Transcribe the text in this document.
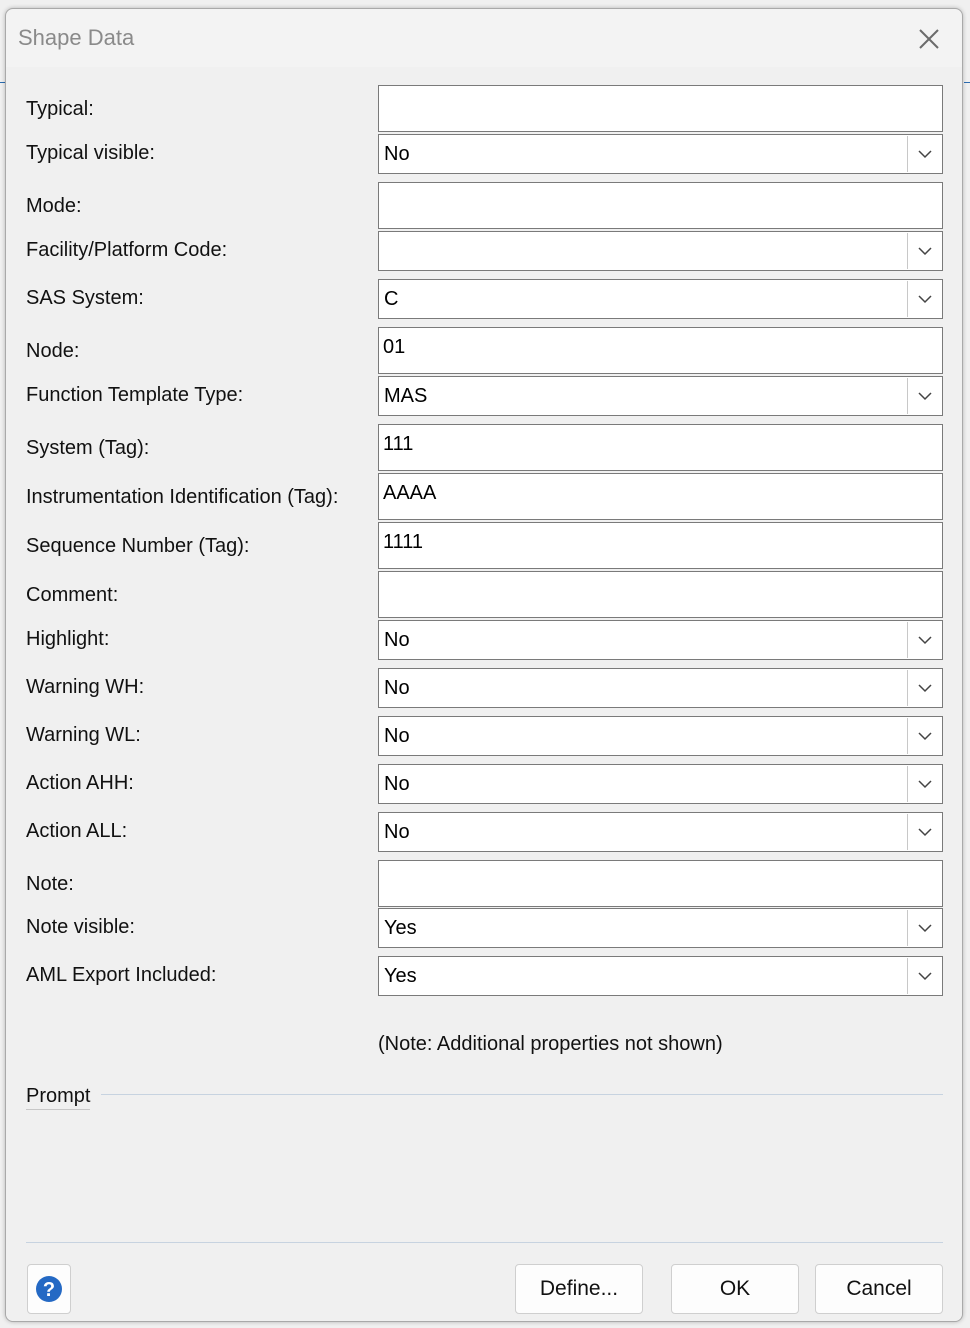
Shape Data
Typical:
Typical visible:	No
Mode:
Facility/Platform Code:
SAS System:	C
Node:	01
Function Template Type:	MAS
System (Tag):	111
Instrumentation Identification (Tag): AAAA
Sequence Number (Tag):	1111
Comment:
Highlight:	No
Warning WH:	No
Warning WL:	No
Action AHH:	No
Action ALL:	No
Note:
Note visible:	Yes
AML Export Included:	Yes
(Note: Additional properties not shown)
Prompt
?	Define...	OK	Cancel
